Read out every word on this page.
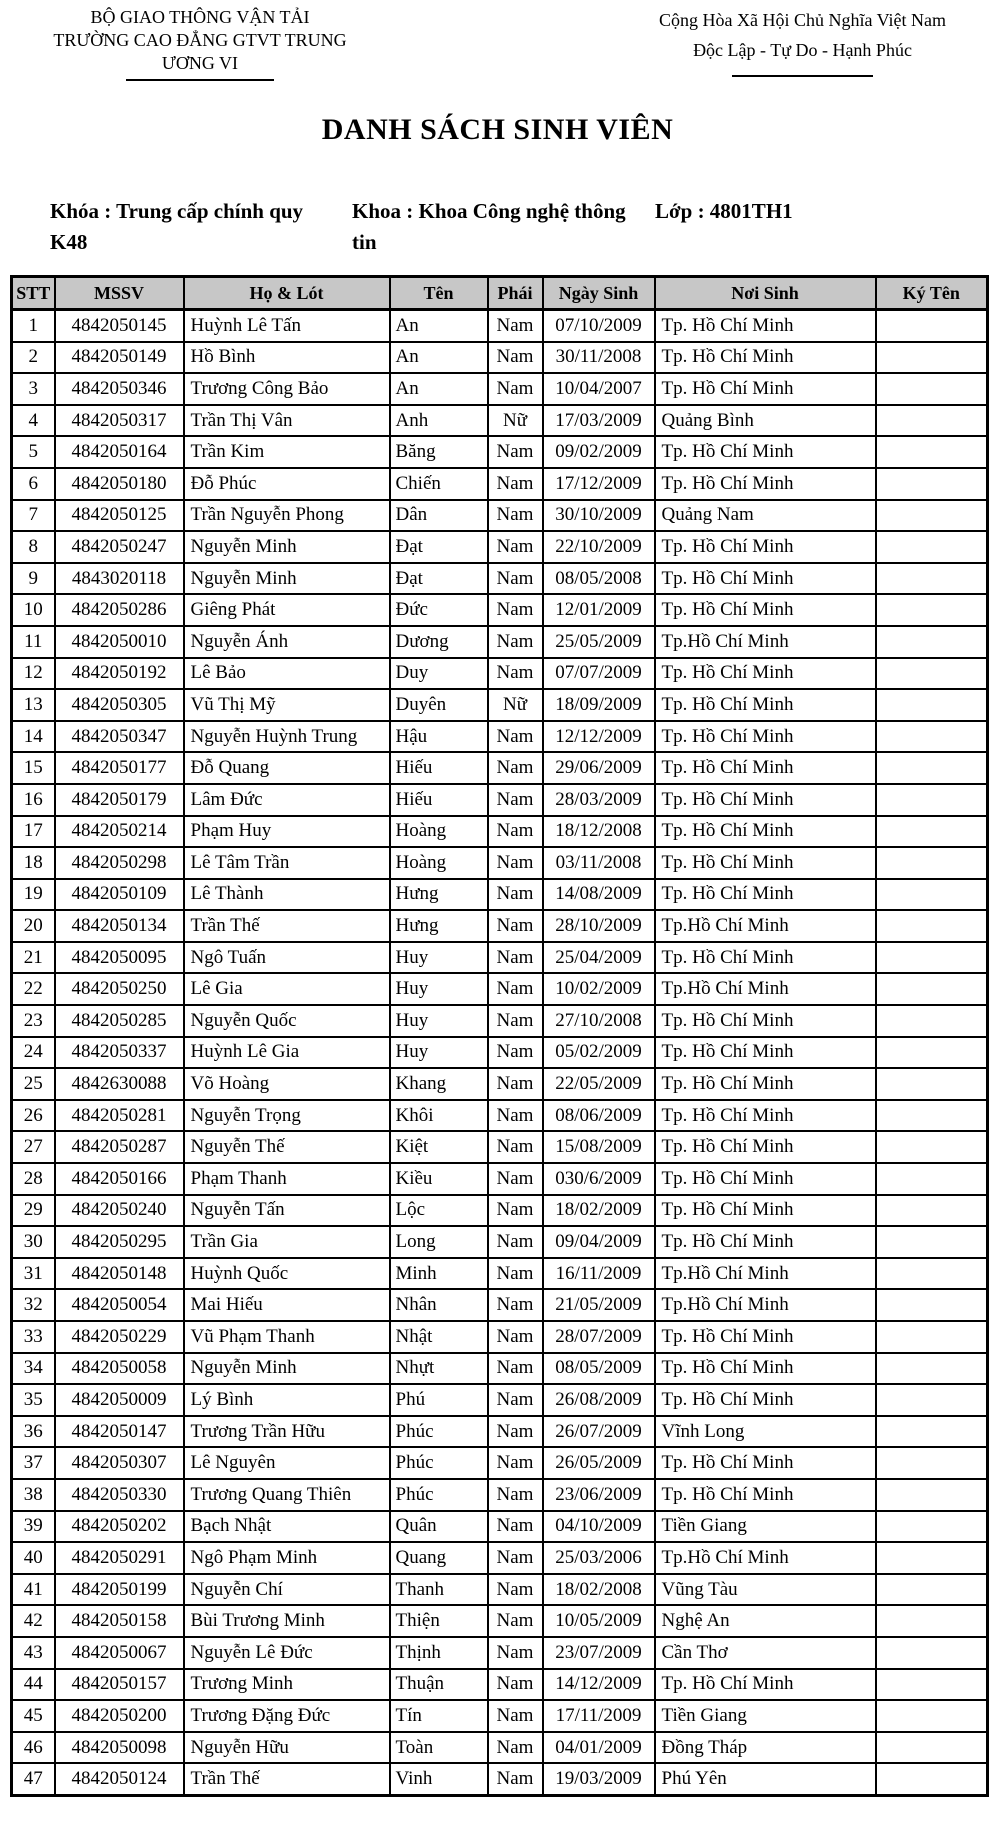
BỘ GIAO THÔNG VẬN TẢI
TRƯỜNG CAO ĐẲNG GTVT TRUNG
ƯƠNG VI
Cộng Hòa Xã Hội Chủ Nghĩa Việt Nam
Độc Lập - Tự Do - Hạnh Phúc
DANH SÁCH SINH VIÊN
Khóa : Trung cấp chính quy
K48
Khoa : Khoa Công nghệ thông
tin
Lớp : 4801TH1
STT	MSSV	Họ & Lót	Tên	Phái	Ngày Sinh	Nơi Sinh	Ký Tên
1	4842050145	Huỳnh Lê Tấn	An	Nam	07/10/2009	Tp. Hồ Chí Minh	
2	4842050149	Hồ Bình	An	Nam	30/11/2008	Tp. Hồ Chí Minh	
3	4842050346	Trương Công Bảo	An	Nam	10/04/2007	Tp. Hồ Chí Minh	
4	4842050317	Trần Thị Vân	Anh	Nữ	17/03/2009	Quảng Bình	
5	4842050164	Trần Kim	Băng	Nam	09/02/2009	Tp. Hồ Chí Minh	
6	4842050180	Đỗ Phúc	Chiến	Nam	17/12/2009	Tp. Hồ Chí Minh	
7	4842050125	Trần Nguyễn Phong	Dân	Nam	30/10/2009	Quảng Nam	
8	4842050247	Nguyễn Minh	Đạt	Nam	22/10/2009	Tp. Hồ Chí Minh	
9	4843020118	Nguyễn Minh	Đạt	Nam	08/05/2008	Tp. Hồ Chí Minh	
10	4842050286	Giêng Phát	Đức	Nam	12/01/2009	Tp. Hồ Chí Minh	
11	4842050010	Nguyễn Ánh	Dương	Nam	25/05/2009	Tp.Hồ Chí Minh	
12	4842050192	Lê Bảo	Duy	Nam	07/07/2009	Tp. Hồ Chí Minh	
13	4842050305	Vũ Thị Mỹ	Duyên	Nữ	18/09/2009	Tp. Hồ Chí Minh	
14	4842050347	Nguyễn Huỳnh Trung	Hậu	Nam	12/12/2009	Tp. Hồ Chí Minh	
15	4842050177	Đỗ Quang	Hiếu	Nam	29/06/2009	Tp. Hồ Chí Minh	
16	4842050179	Lâm Đức	Hiếu	Nam	28/03/2009	Tp. Hồ Chí Minh	
17	4842050214	Phạm Huy	Hoàng	Nam	18/12/2008	Tp. Hồ Chí Minh	
18	4842050298	Lê Tâm Trần	Hoàng	Nam	03/11/2008	Tp. Hồ Chí Minh	
19	4842050109	Lê Thành	Hưng	Nam	14/08/2009	Tp. Hồ Chí Minh	
20	4842050134	Trần Thế	Hưng	Nam	28/10/2009	Tp.Hồ Chí Minh	
21	4842050095	Ngô Tuấn	Huy	Nam	25/04/2009	Tp. Hồ Chí Minh	
22	4842050250	Lê Gia	Huy	Nam	10/02/2009	Tp.Hồ Chí Minh	
23	4842050285	Nguyễn Quốc	Huy	Nam	27/10/2008	Tp. Hồ Chí Minh	
24	4842050337	Huỳnh Lê Gia	Huy	Nam	05/02/2009	Tp. Hồ Chí Minh	
25	4842630088	Võ Hoàng	Khang	Nam	22/05/2009	Tp. Hồ Chí Minh	
26	4842050281	Nguyễn Trọng	Khôi	Nam	08/06/2009	Tp. Hồ Chí Minh	
27	4842050287	Nguyễn Thế	Kiệt	Nam	15/08/2009	Tp. Hồ Chí Minh	
28	4842050166	Phạm Thanh	Kiều	Nam	030/6/2009	Tp. Hồ Chí Minh	
29	4842050240	Nguyễn Tấn	Lộc	Nam	18/02/2009	Tp. Hồ Chí Minh	
30	4842050295	Trần Gia	Long	Nam	09/04/2009	Tp. Hồ Chí Minh	
31	4842050148	Huỳnh Quốc	Minh	Nam	16/11/2009	Tp.Hồ Chí Minh	
32	4842050054	Mai Hiếu	Nhân	Nam	21/05/2009	Tp.Hồ Chí Minh	
33	4842050229	Vũ Phạm Thanh	Nhật	Nam	28/07/2009	Tp. Hồ Chí Minh	
34	4842050058	Nguyễn Minh	Nhựt	Nam	08/05/2009	Tp. Hồ Chí Minh	
35	4842050009	Lý Bình	Phú	Nam	26/08/2009	Tp. Hồ Chí Minh	
36	4842050147	Trương Trần Hữu	Phúc	Nam	26/07/2009	Vĩnh Long	
37	4842050307	Lê Nguyên	Phúc	Nam	26/05/2009	Tp. Hồ Chí Minh	
38	4842050330	Trương Quang Thiên	Phúc	Nam	23/06/2009	Tp. Hồ Chí Minh	
39	4842050202	Bạch Nhật	Quân	Nam	04/10/2009	Tiền Giang	
40	4842050291	Ngô Phạm Minh	Quang	Nam	25/03/2006	Tp.Hồ Chí Minh	
41	4842050199	Nguyễn Chí	Thanh	Nam	18/02/2008	Vũng Tàu	
42	4842050158	Bùi Trương Minh	Thiện	Nam	10/05/2009	Nghệ An	
43	4842050067	Nguyễn Lê Đức	Thịnh	Nam	23/07/2009	Cần Thơ	
44	4842050157	Trương Minh	Thuận	Nam	14/12/2009	Tp. Hồ Chí Minh	
45	4842050200	Trương Đặng Đức	Tín	Nam	17/11/2009	Tiền Giang	
46	4842050098	Nguyễn Hữu	Toàn	Nam	04/01/2009	Đồng Tháp	
47	4842050124	Trần Thế	Vinh	Nam	19/03/2009	Phú Yên	
